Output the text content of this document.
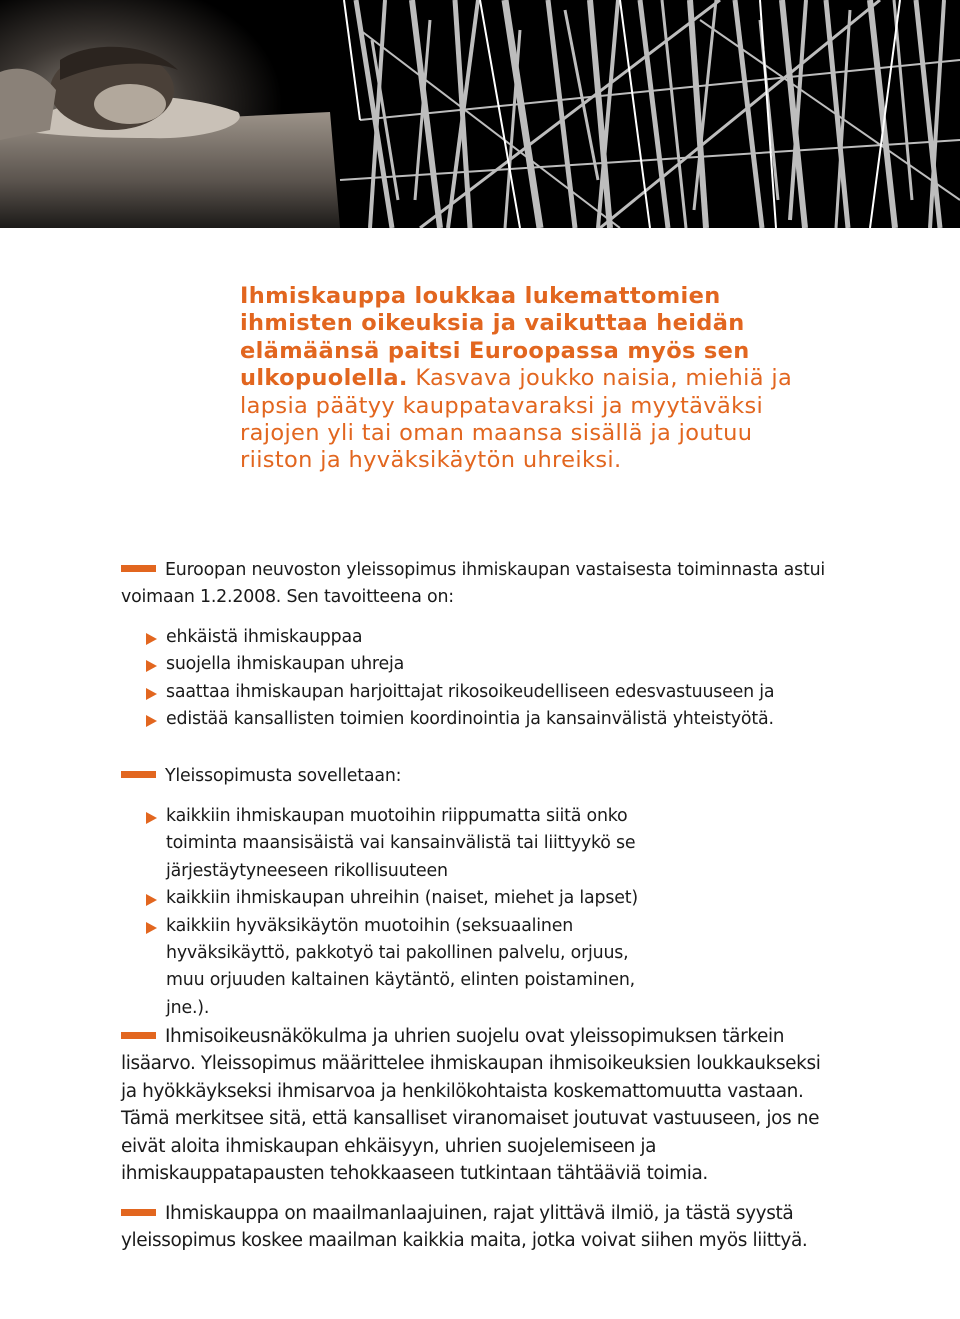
Ihmiskauppa loukkaa lukemattomien ihmisten oikeuksia ja vaikuttaa heidän elämäänsä paitsi Euroopassa myös sen ulkopuolella. Kasvava joukko naisia, miehiä ja lapsia päätyy kauppatavaraksi ja myytäväksi rajojen yli tai oman maansa sisällä ja joutuu riiston ja hyväksikäytön uhreiksi.
Euroopan neuvoston yleissopimus ihmiskaupan vastaisesta toiminnasta astui voimaan 1.2.2008. Sen tavoitteena on:
ehkäistä ihmiskauppaa
suojella ihmiskaupan uhreja
saattaa ihmiskaupan harjoittajat rikosoikeudelliseen edesvastuuseen ja
edistää kansallisten toimien koordinointia ja kansainvälistä yhteistyötä.
Yleissopimusta sovelletaan:
kaikkiin ihmiskaupan muotoihin riippumatta siitä onko toiminta maansisäistä vai kansainvälistä tai liittyykö se järjestäytyneeseen rikollisuuteen
kaikkiin ihmiskaupan uhreihin (naiset, miehet ja lapset)
kaikkiin hyväksikäytön muotoihin (seksuaalinen hyväksikäyttö, pakkotyö tai pakollinen palvelu, orjuus, muu orjuuden kaltainen käytäntö, elinten poistaminen, jne.).
Ihmisoikeusnäkökulma ja uhrien suojelu ovat yleissopimuksen tärkein lisäarvo. Yleissopimus määrittelee ihmiskaupan ihmisoikeuksien loukkaukseksi ja hyökkäykseksi ihmisarvoa ja henkilökohtaista koskemattomuutta vastaan. Tämä merkitsee sitä, että kansalliset viranomaiset joutuvat vastuuseen, jos ne eivät aloita ihmiskaupan ehkäisyyn, uhrien suojelemiseen ja ihmiskauppatapausten tehokkaaseen tutkintaan tähtääviä toimia.
Ihmiskauppa on maailmanlaajuinen, rajat ylittävä ilmiö, ja tästä syystä yleissopimus koskee maailman kaikkia maita, jotka voivat siihen myös liittyä.
